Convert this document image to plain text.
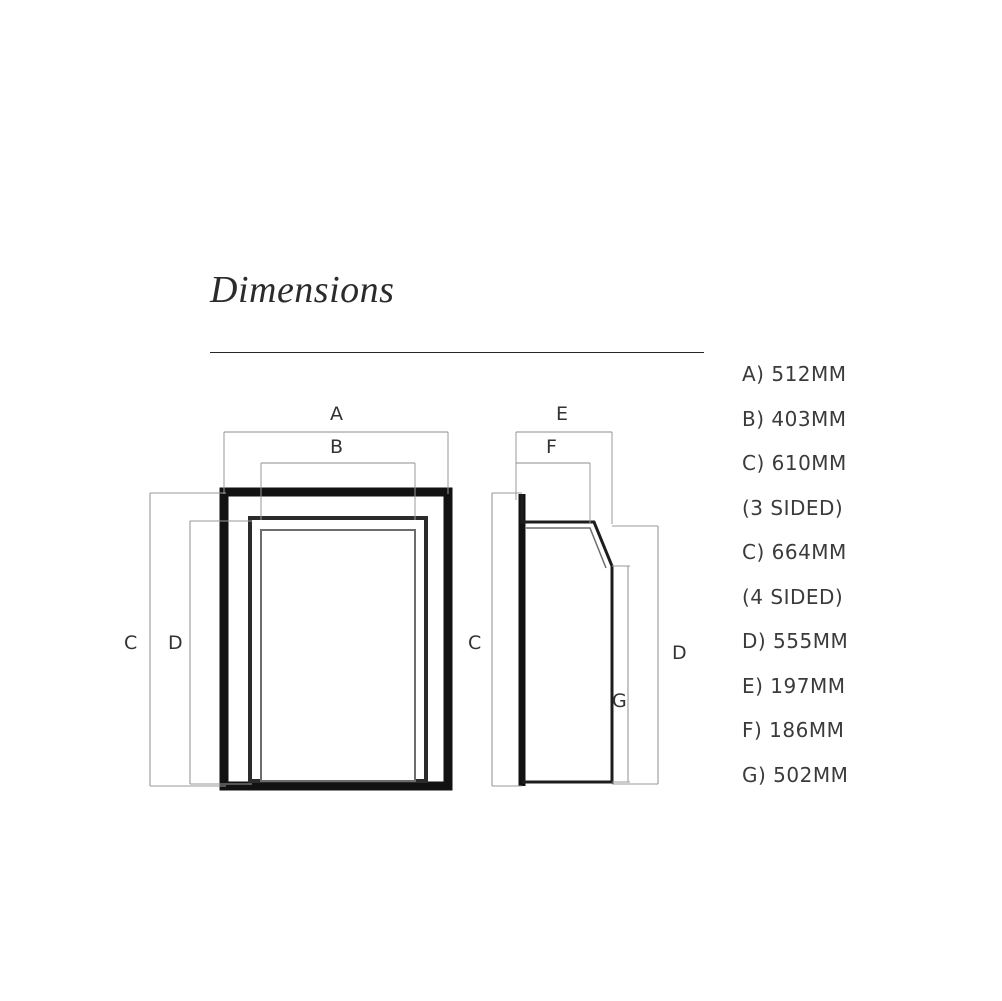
Dimensions
A) 512MM
B) 403MM
C) 610MM
(3 SIDED)
C) 664MM
(4 SIDED)
D) 555MM
E) 197MM
F) 186MM
G) 502MM
A
B
C D
E
F
C	D
G
